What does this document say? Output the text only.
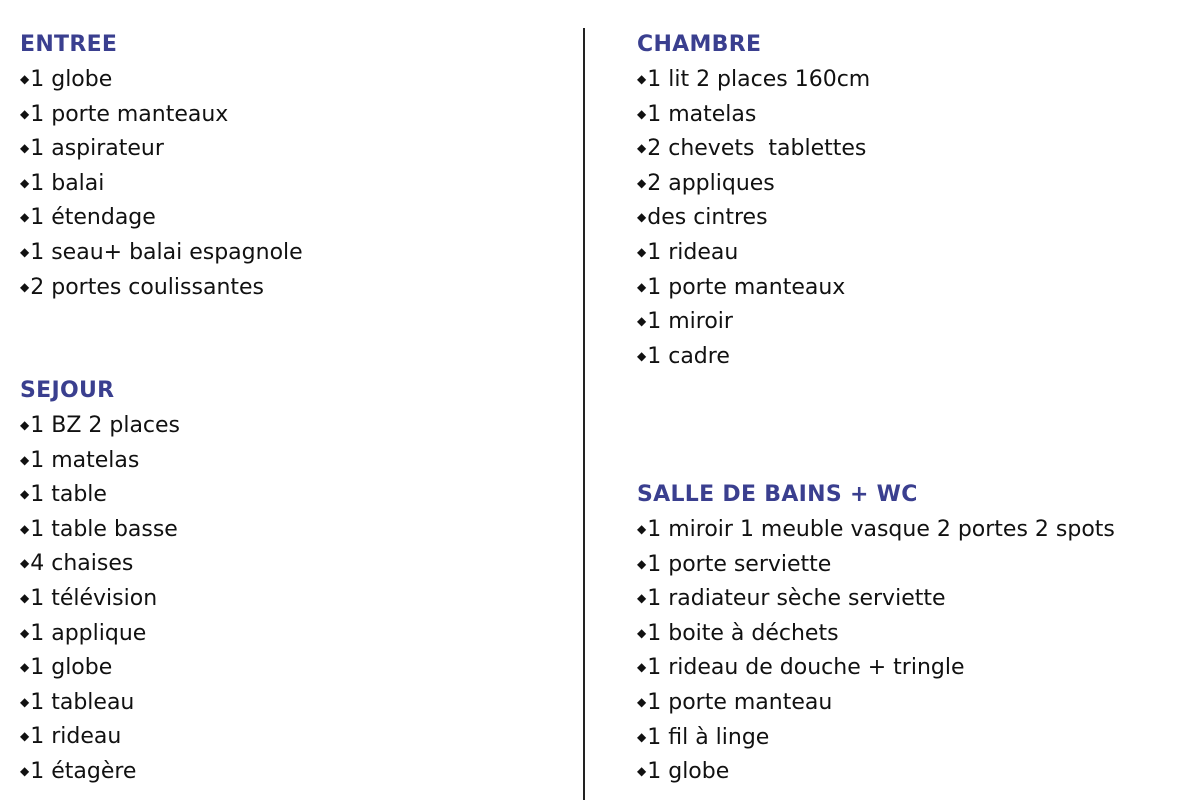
ENTREE
◆1 globe
◆1 porte manteaux
◆1 aspirateur
◆1 balai
◆1 étendage
◆1 seau+ balai espagnole
◆2 portes coulissantes
SEJOUR
◆1 BZ 2 places
◆1 matelas
◆1 table
◆1 table basse
◆4 chaises
◆1 télévision
◆1 applique
◆1 globe
◆1 tableau
◆1 rideau
◆1 étagère
CHAMBRE
◆1 lit 2 places 160cm
◆1 matelas
◆2 chevets  tablettes
◆2 appliques
◆des cintres
◆1 rideau
◆1 porte manteaux
◆1 miroir
◆1 cadre
SALLE DE BAINS + WC
◆1 miroir 1 meuble vasque 2 portes 2 spots
◆1 porte serviette
◆1 radiateur sèche serviette
◆1 boite à déchets
◆1 rideau de douche + tringle
◆1 porte manteau
◆1 fil à linge
◆1 globe
